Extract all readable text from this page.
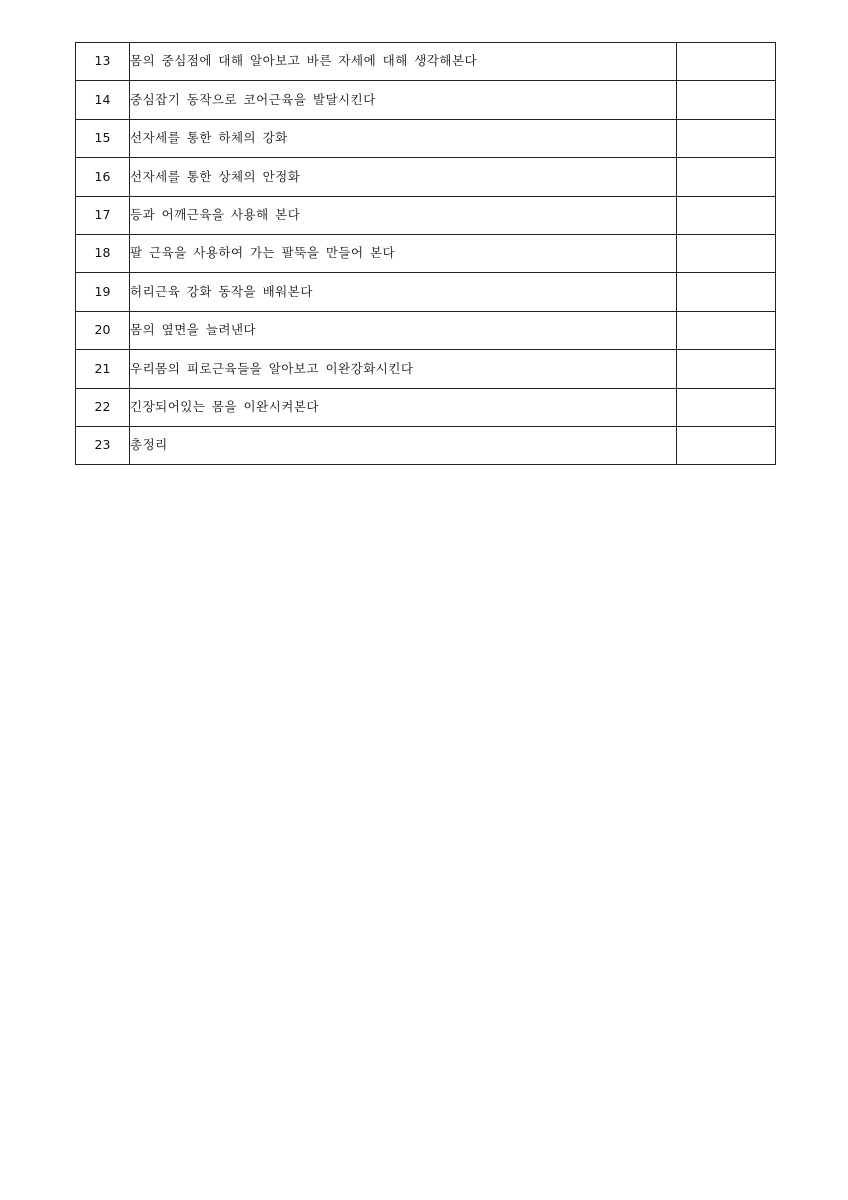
13	몸의 중심점에 대해 알아보고 바른 자세에 대해 생각해본다	
14	중심잡기 동작으로 코어근육을 발달시킨다	
15	선자세를 통한 하체의 강화	
16	선자세를 통한 상체의 안정화	
17	등과 어깨근육을 사용해 본다	
18	팔 근육을 사용하여 가는 팔뚝을 만들어 본다	
19	허리근육 강화 동작을 배워본다	
20	몸의 옆면을 늘려낸다	
21	우리몸의 피로근육들을 알아보고 이완강화시킨다	
22	긴장되어있는 몸을 이완시켜본다	
23	총정리	
